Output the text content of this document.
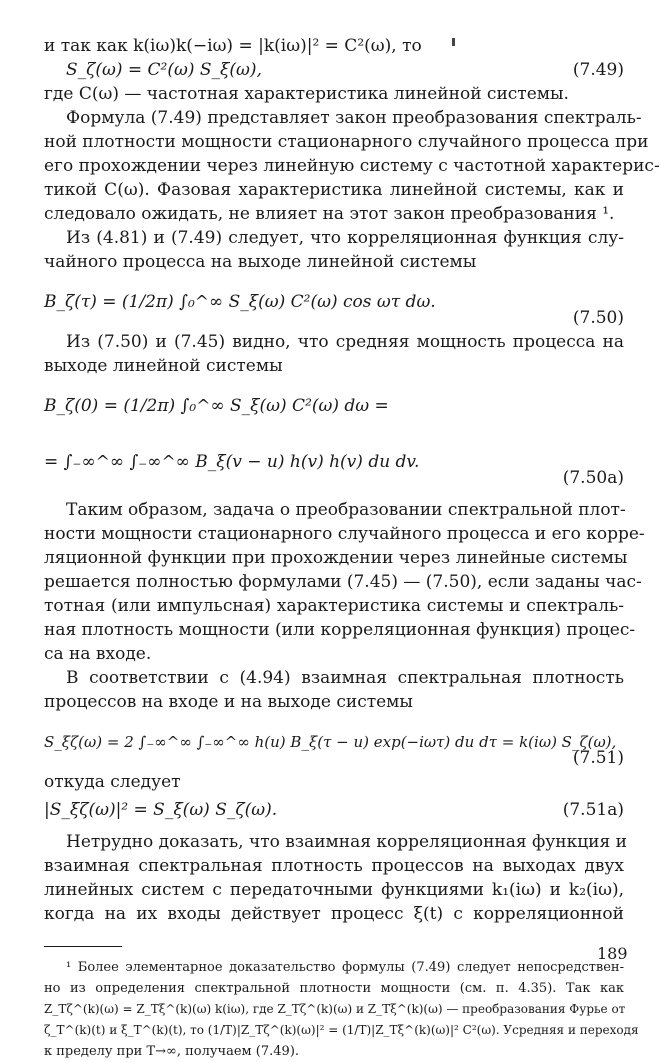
и так как k(iω)k(−iω) = |k(iω)|² = C²(ω), то
S_ζ(ω) = C²(ω) S_ξ(ω),	(7.49)
где C(ω) — частотная характеристика линейной системы.
Формула (7.49) представляет закон преобразования спектраль-
ной плотности мощности стационарного случайного процесса при
его прохождении через линейную систему с частотной характерис-
тикой C(ω). Фазовая характеристика линейной системы, как и
следовало ожидать, не влияет на этот закон преобразования ¹.
Из (4.81) и (7.49) следует, что корреляционная функция слу-
чайного процесса на выходе линейной системы
B_ζ(τ) = (1/2π) ∫₀^∞ S_ξ(ω) C²(ω) cos ωτ dω.
(7.50)
Из (7.50) и (7.45) видно, что средняя мощность процесса на
выходе линейной системы
B_ζ(0) = (1/2π) ∫₀^∞ S_ξ(ω) C²(ω) dω =
= ∫₋∞^∞ ∫₋∞^∞ B_ξ(v − u) h(v) h(v) du dv.
(7.50a)
Таким образом, задача о преобразовании спектральной плот-
ности мощности стационарного случайного процесса и его корре-
ляционной функции при прохождении через линейные системы
решается полностью формулами (7.45) — (7.50), если заданы час-
тотная (или импульсная) характеристика системы и спектраль-
ная плотность мощности (или корреляционная функция) процес-
са на входе.
В соответствии с (4.94) взаимная спектральная плотность
процессов на входе и на выходе системы
S_ξζ(ω) = 2 ∫₋∞^∞ ∫₋∞^∞ h(u) B_ξ(τ − u) exp(−iωτ) du dτ = k(iω) S_ζ(ω),
(7.51)
откуда следует
|S_ξζ(ω)|² = S_ξ(ω) S_ζ(ω).	(7.51a)
Нетрудно доказать, что взаимная корреляционная функция и
взаимная спектральная плотность процессов на выходах двух
линейных систем с передаточными функциями k₁(iω) и k₂(iω),
когда на их входы действует процесс ξ(t) с корреляционной
¹ Более элементарное доказательство формулы (7.49) следует непосредствен-
но из определения спектральной плотности мощности (см. п. 4.35). Так как
Z_Tζ^(k)(ω) = Z_Tξ^(k)(ω) k(iω), где Z_Tζ^(k)(ω) и Z_Tξ^(k)(ω) — преобразования Фурье от
ζ_T^(k)(t) и ξ_T^(k)(t), то (1/T)|Z_Tζ^(k)(ω)|² = (1/T)|Z_Tξ^(k)(ω)|² C²(ω). Усредняя и переходя
к пределу при T→∞, получаем (7.49).
189
